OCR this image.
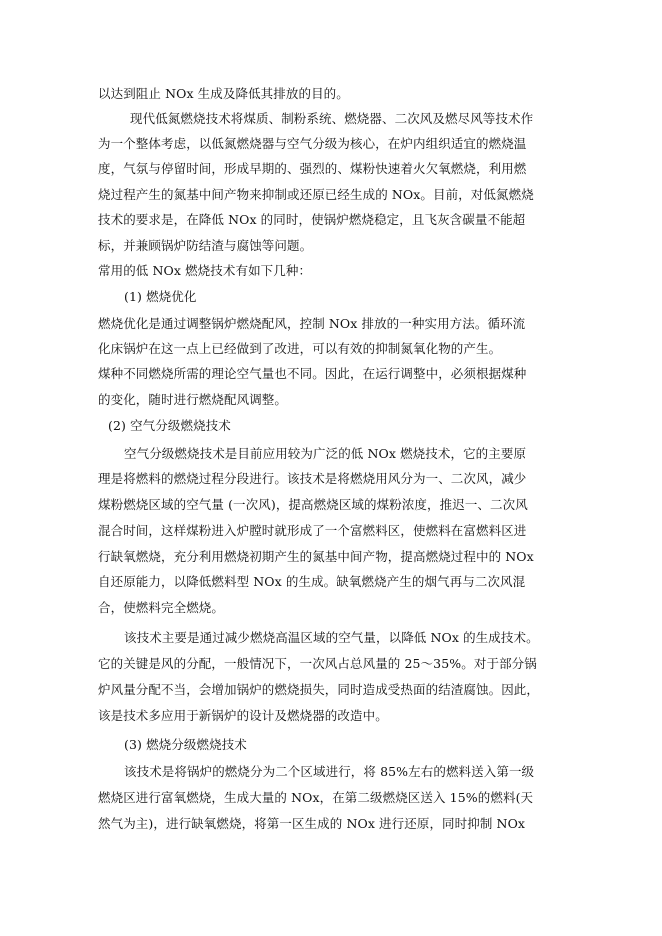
以达到阻止 NOx 生成及降低其排放的目的。
现代低氮燃烧技术将煤质、制粉系统、燃烧器、二次风及燃尽风等技术作
为一个整体考虑，以低氮燃烧器与空气分级为核心，在炉内组织适宜的燃烧温
度，气氛与停留时间，形成早期的、强烈的、煤粉快速着火欠氧燃烧，利用燃
烧过程产生的氮基中间产物来抑制或还原已经生成的 NOx。目前，对低氮燃烧
技术的要求是，在降低 NOx 的同时，使锅炉燃烧稳定，且飞灰含碳量不能超
标，并兼顾锅炉防结渣与腐蚀等问题。
常用的低 NOx 燃烧技术有如下几种：
(1) 燃烧优化
燃烧优化是通过调整锅炉燃烧配风，控制 NOx 排放的一种实用方法。循环流
化床锅炉在这一点上已经做到了改进，可以有效的抑制氮氧化物的产生。
煤种不同燃烧所需的理论空气量也不同。因此，在运行调整中，必须根据煤种
的变化，随时进行燃烧配风调整。
(2) 空气分级燃烧技术
空气分级燃烧技术是目前应用较为广泛的低 NOx 燃烧技术，它的主要原
理是将燃料的燃烧过程分段进行。该技术是将燃烧用风分为一、二次风，减少
煤粉燃烧区域的空气量 (一次风)，提高燃烧区域的煤粉浓度，推迟一、二次风
混合时间，这样煤粉进入炉膛时就形成了一个富燃料区，使燃料在富燃料区进
行缺氧燃烧，充分利用燃烧初期产生的氮基中间产物，提高燃烧过程中的 NOx
自还原能力，以降低燃料型 NOx 的生成。缺氧燃烧产生的烟气再与二次风混
合，使燃料完全燃烧。
该技术主要是通过减少燃烧高温区域的空气量，以降低 NOx 的生成技术。
它的关键是风的分配，一般情况下，一次风占总风量的 25～35%。对于部分锅
炉风量分配不当，会增加锅炉的燃烧损失，同时造成受热面的结渣腐蚀。因此，
该是技术多应用于新锅炉的设计及燃烧器的改造中。
(3) 燃烧分级燃烧技术
该技术是将锅炉的燃烧分为二个区域进行，将 85%左右的燃料送入第一级
燃烧区进行富氧燃烧，生成大量的 NOx，在第二级燃烧区送入 15%的燃料(天
然气为主)，进行缺氧燃烧，将第一区生成的 NOx 进行还原，同时抑制 NOx
